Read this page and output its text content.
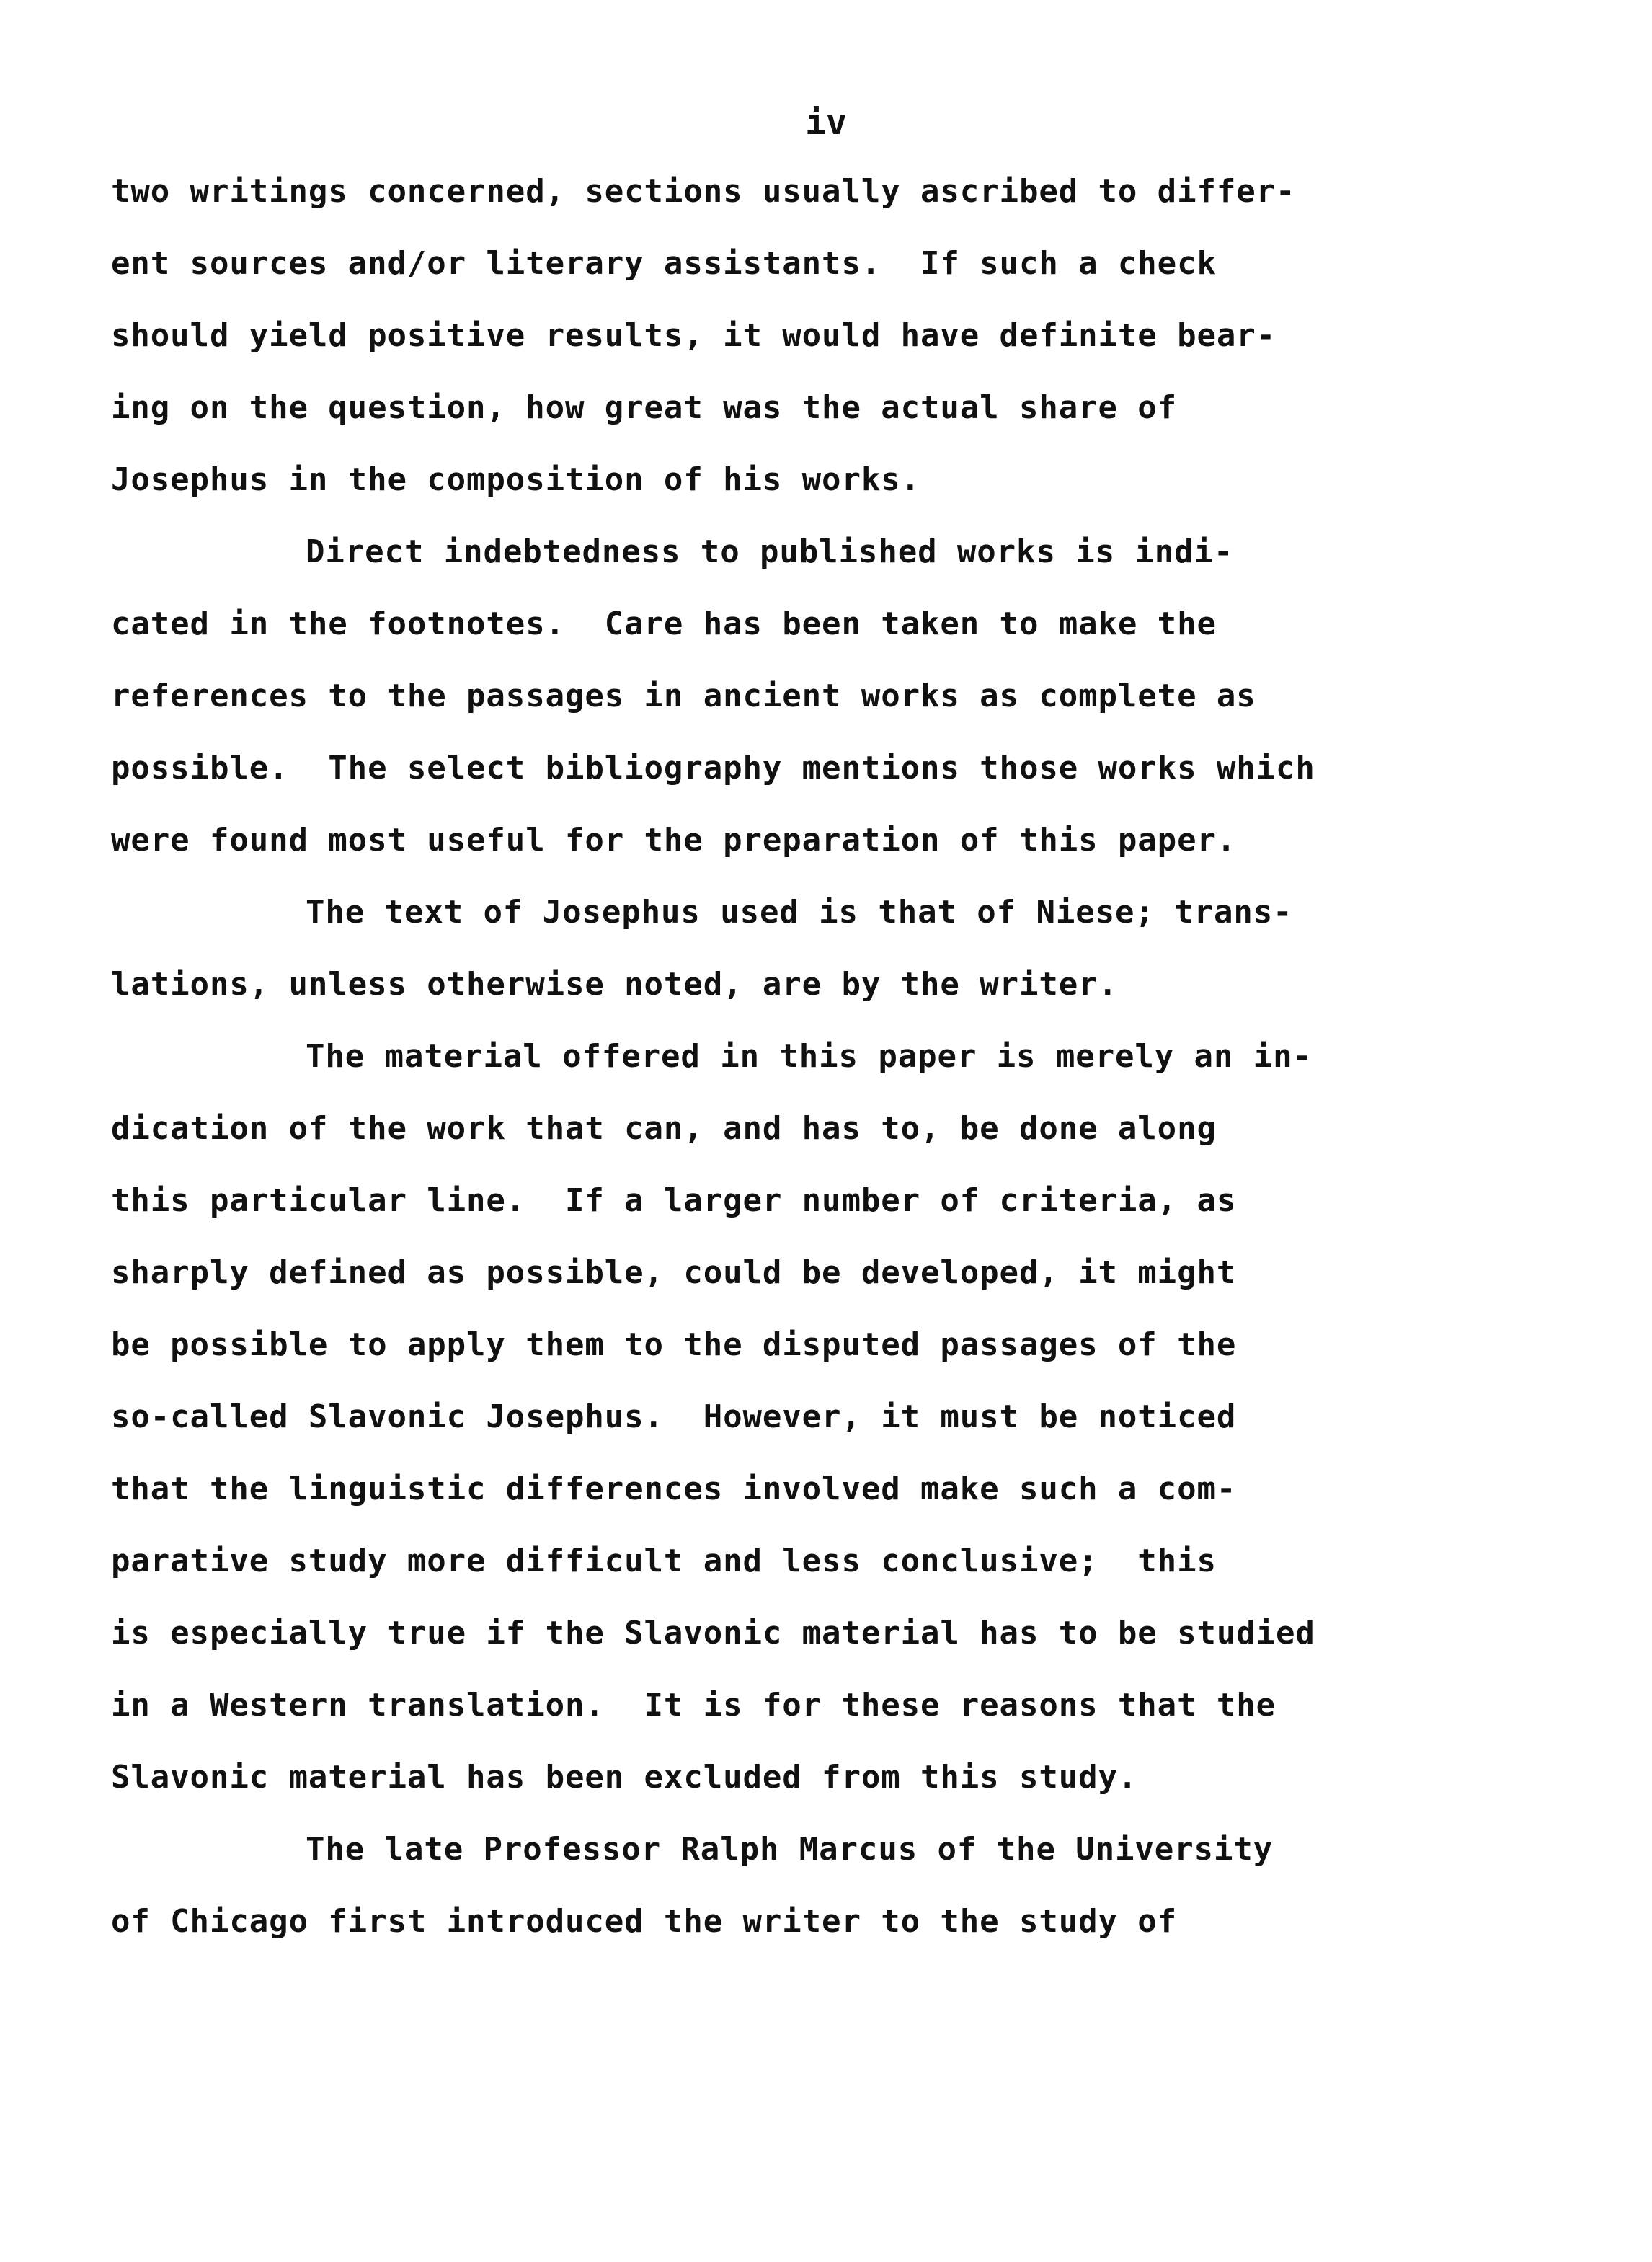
iv
two writings concerned, sections usually ascribed to differ-
ent sources and/or literary assistants.  If such a check
should yield positive results, it would have definite bear-
ing on the question, how great was the actual share of
Josephus in the composition of his works.
Direct indebtedness to published works is indi-
cated in the footnotes.  Care has been taken to make the
references to the passages in ancient works as complete as
possible.  The select bibliography mentions those works which
were found most useful for the preparation of this paper.
The text of Josephus used is that of Niese; trans-
lations, unless otherwise noted, are by the writer.
The material offered in this paper is merely an in-
dication of the work that can, and has to, be done along
this particular line.  If a larger number of criteria, as
sharply defined as possible, could be developed, it might
be possible to apply them to the disputed passages of the
so-called Slavonic Josephus.  However, it must be noticed
that the linguistic differences involved make such a com-
parative study more difficult and less conclusive;  this
is especially true if the Slavonic material has to be studied
in a Western translation.  It is for these reasons that the
Slavonic material has been excluded from this study.
The late Professor Ralph Marcus of the University
of Chicago first introduced the writer to the study of
